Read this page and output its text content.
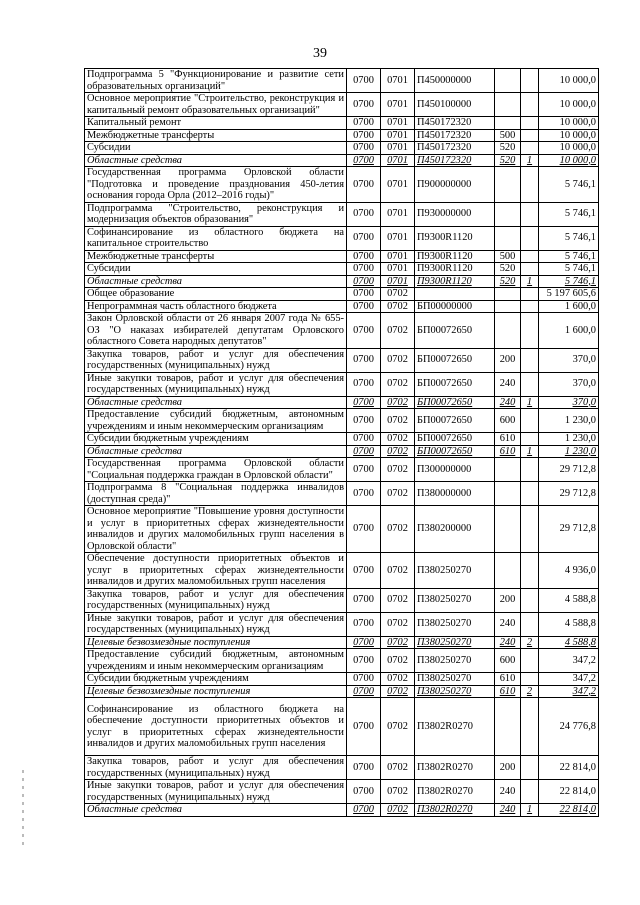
39
Подпрограмма 5 "Функционирование и развитие сети образовательных организаций"	0700	0701	П450000000			10 000,0
Основное мероприятие "Строительство, реконструкция и капитальный ремонт образовательных организаций"	0700	0701	П450100000			10 000,0
Капитальный ремонт	0700	0701	П450172320			10 000,0
Межбюджетные трансферты	0700	0701	П450172320	500		10 000,0
Субсидии	0700	0701	П450172320	520		10 000,0
Областные средства	0700	0701	П450172320	520	1	10 000,0
Государственная программа Орловской области "Подготовка и проведение празднования 450-летия основания города Орла (2012–2016 годы)"	0700	0701	П900000000			5 746,1
Подпрограмма "Строительство, реконструкция и модернизация объектов образования"	0700	0701	П930000000			5 746,1
Софинансирование из областного бюджета на капитальное строительство	0700	0701	П9300R1120			5 746,1
Межбюджетные трансферты	0700	0701	П9300R1120	500		5 746,1
Субсидии	0700	0701	П9300R1120	520		5 746,1
Областные средства	0700	0701	П9300R1120	520	1	5 746,1
Общее образование	0700	0702				5 197 605,6
Непрограммная часть областного бюджета	0700	0702	БП00000000			1 600,0
Закон Орловской области от 26 января 2007 года № 655-ОЗ "О наказах избирателей депутатам Орловского областного Совета народных депутатов"	0700	0702	БП00072650			1 600,0
Закупка товаров, работ и услуг для обеспечения государственных (муниципальных) нужд	0700	0702	БП00072650	200		370,0
Иные закупки товаров, работ и услуг для обеспечения государственных (муниципальных) нужд	0700	0702	БП00072650	240		370,0
Областные средства	0700	0702	БП00072650	240	1	370,0
Предоставление субсидий бюджетным, автономным учреждениям и иным некоммерческим организациям	0700	0702	БП00072650	600		1 230,0
Субсидии бюджетным учреждениям	0700	0702	БП00072650	610		1 230,0
Областные средства	0700	0702	БП00072650	610	1	1 230,0
Государственная программа Орловской области "Социальная поддержка граждан в Орловской области"	0700	0702	П300000000			29 712,8
Подпрограмма 8 "Социальная поддержка инвалидов (доступная среда)"	0700	0702	П380000000			29 712,8
Основное мероприятие "Повышение уровня доступности и услуг в приоритетных сферах жизнедеятельности инвалидов и других маломобильных групп населения в Орловской области"	0700	0702	П380200000			29 712,8
Обеспечение доступности приоритетных объектов и услуг в приоритетных сферах жизнедеятельности инвалидов и других маломобильных групп населения	0700	0702	П380250270			4 936,0
Закупка товаров, работ и услуг для обеспечения государственных (муниципальных) нужд	0700	0702	П380250270	200		4 588,8
Иные закупки товаров, работ и услуг для обеспечения государственных (муниципальных) нужд	0700	0702	П380250270	240		4 588,8
Целевые безвозмездные поступления	0700	0702	П380250270	240	2	4 588,8
Предоставление субсидий бюджетным, автономным учреждениям и иным некоммерческим организациям	0700	0702	П380250270	600		347,2
Субсидии бюджетным учреждениям	0700	0702	П380250270	610		347,2
Целевые безвозмездные поступления	0700	0702	П380250270	610	2	347,2
Софинансирование из областного бюджета на обеспечение доступности приоритетных объектов и услуг в приоритетных сферах жизнедеятельности инвалидов и других маломобильных групп населения	0700	0702	П3802R0270			24 776,8
Закупка товаров, работ и услуг для обеспечения государственных (муниципальных) нужд	0700	0702	П3802R0270	200		22 814,0
Иные закупки товаров, работ и услуг для обеспечения государственных (муниципальных) нужд	0700	0702	П3802R0270	240		22 814,0
Областные средства	0700	0702	П3802R0270	240	1	22 814,0
